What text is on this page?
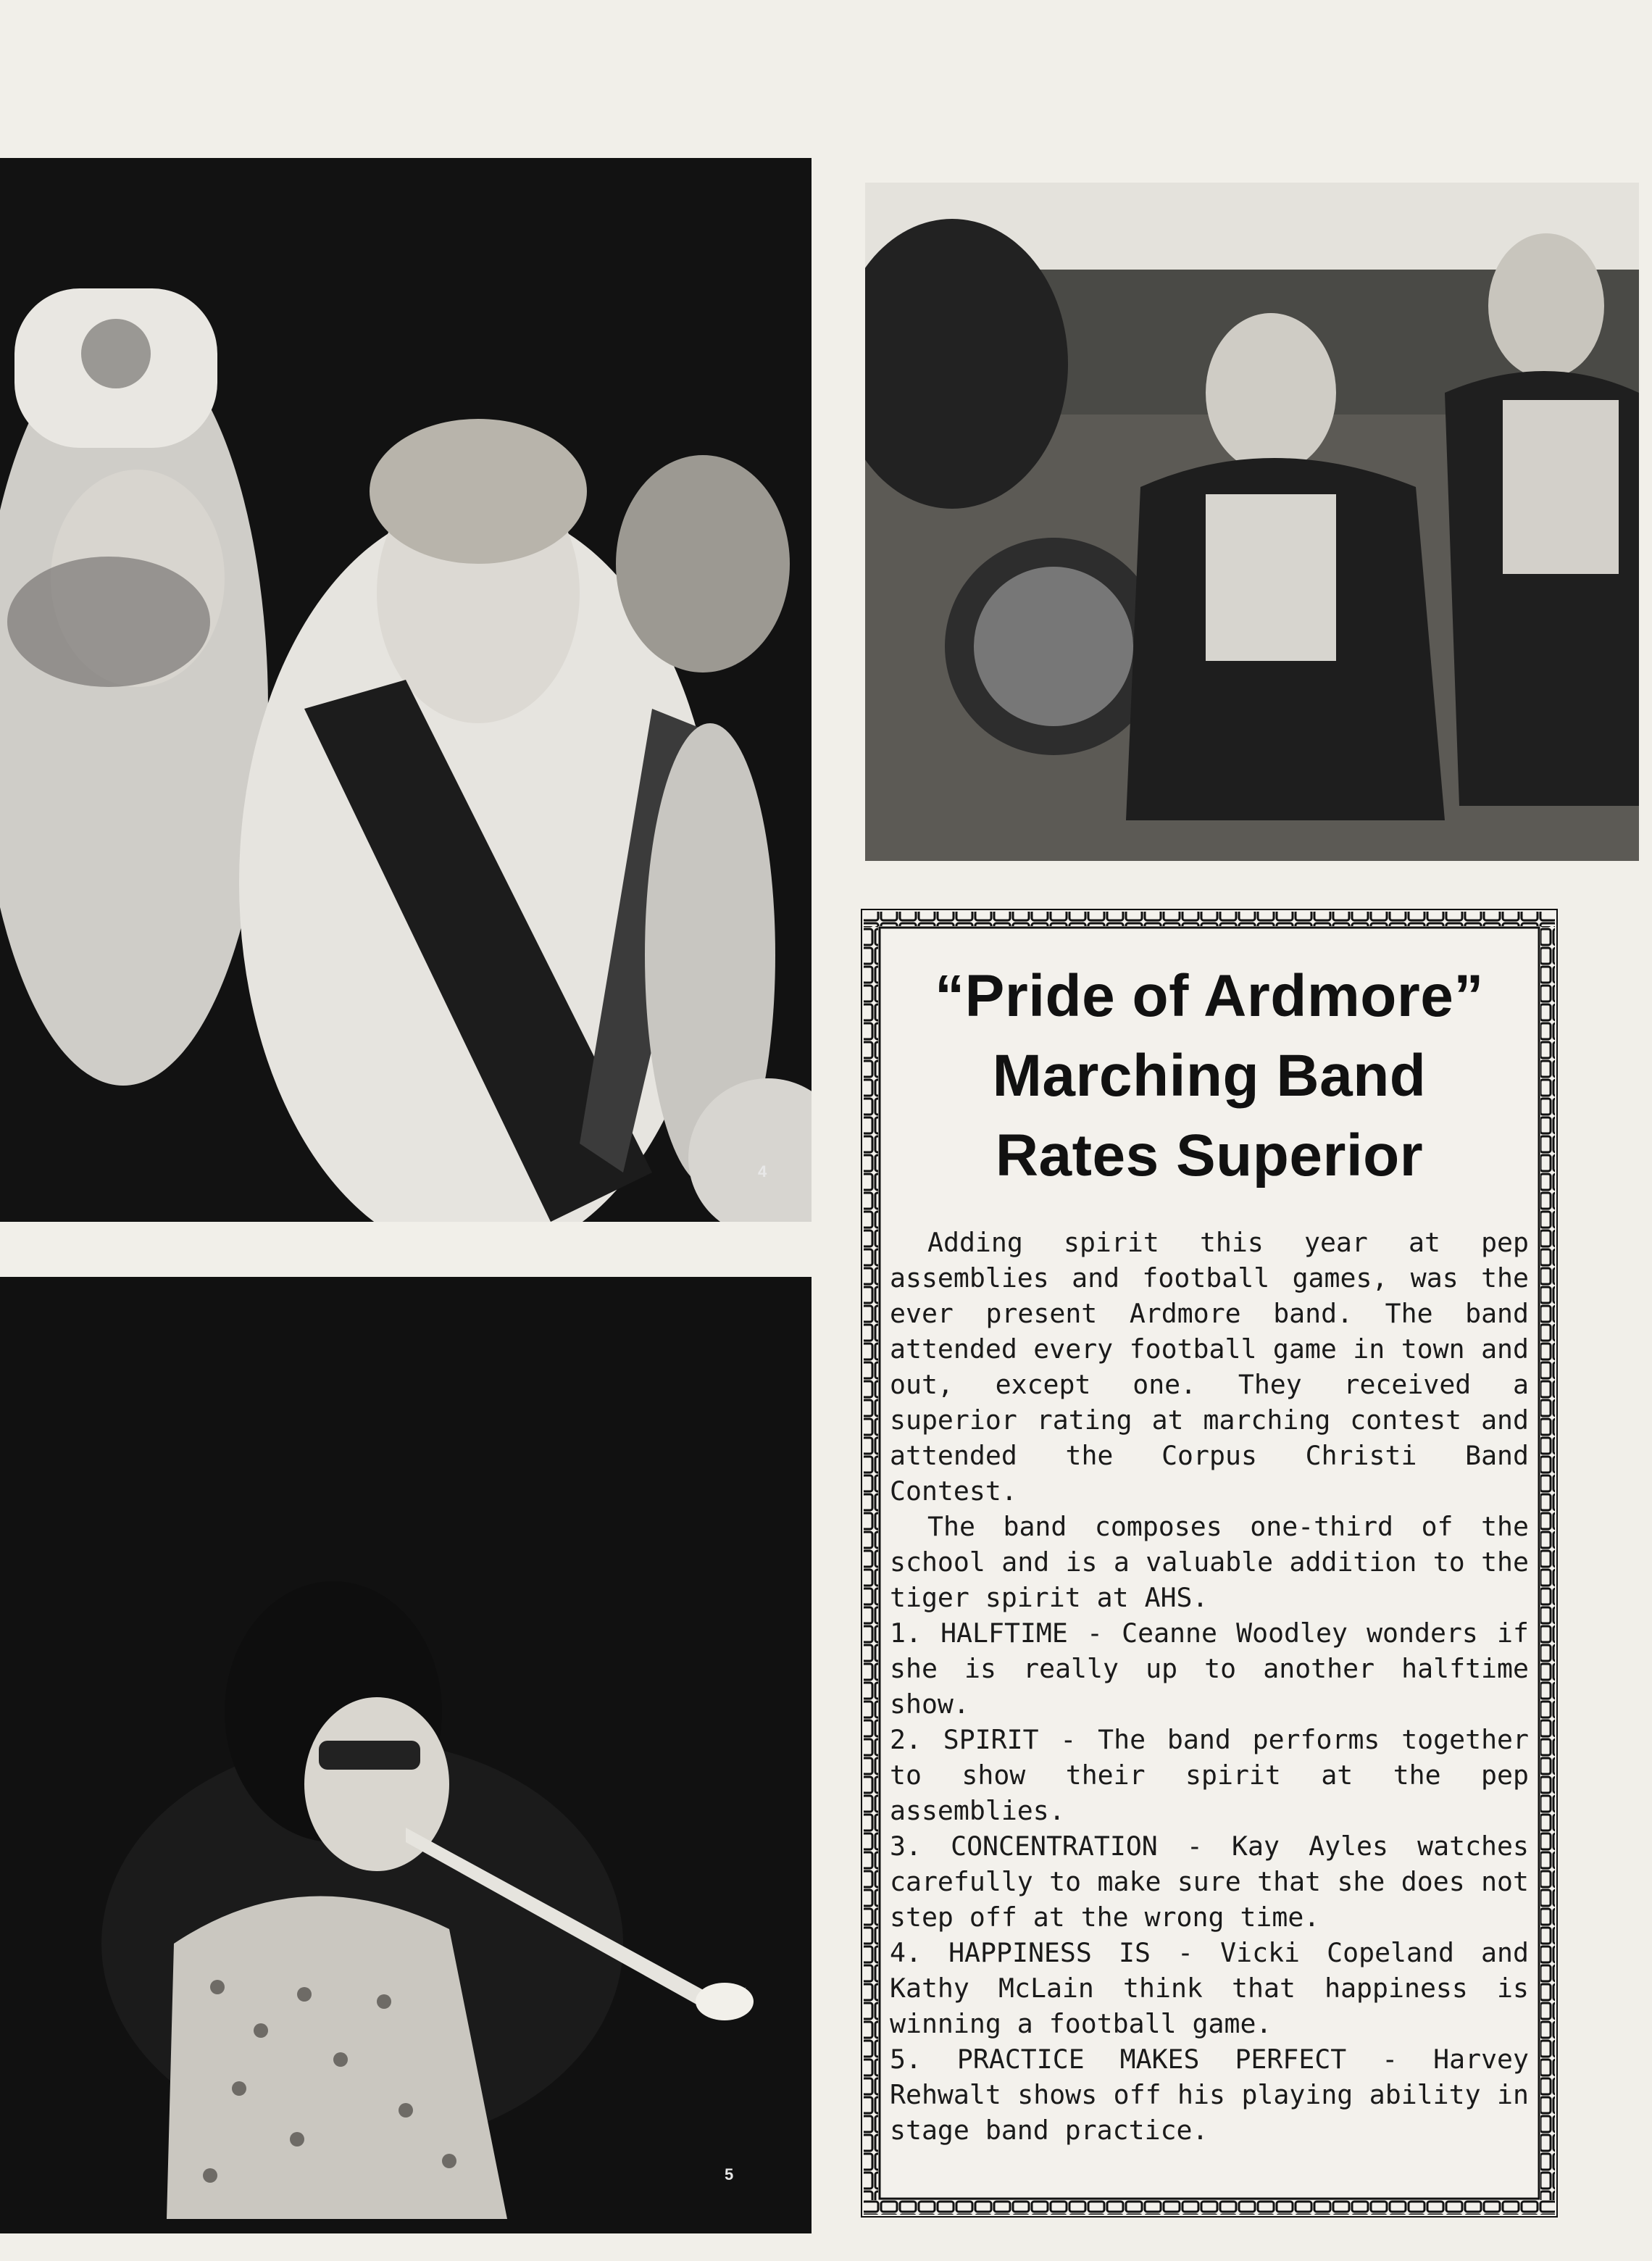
4
5
“Pride of Ardmore”
Marching Band
Rates Superior

Adding spirit this year at pep assemblies and football games, was the ever present Ardmore band. The band attended every football game in town and out, except one. They received a superior rating at marching contest and attended the Corpus Christi Band Contest.

The band composes one-third of the school and is a valuable addition to the tiger spirit at AHS.

1. HALFTIME - Ceanne Woodley wonders if she is really up to another halftime show.

2. SPIRIT - The band performs together to show their spirit at the pep assemblies.

3. CONCENTRATION - Kay Ayles watches carefully to make sure that she does not step off at the wrong time.

4. HAPPINESS IS - Vicki Copeland and Kathy McLain think that happiness is winning a football game.

5. PRACTICE MAKES PERFECT - Harvey Rehwalt shows off his playing ability in stage band practice.
